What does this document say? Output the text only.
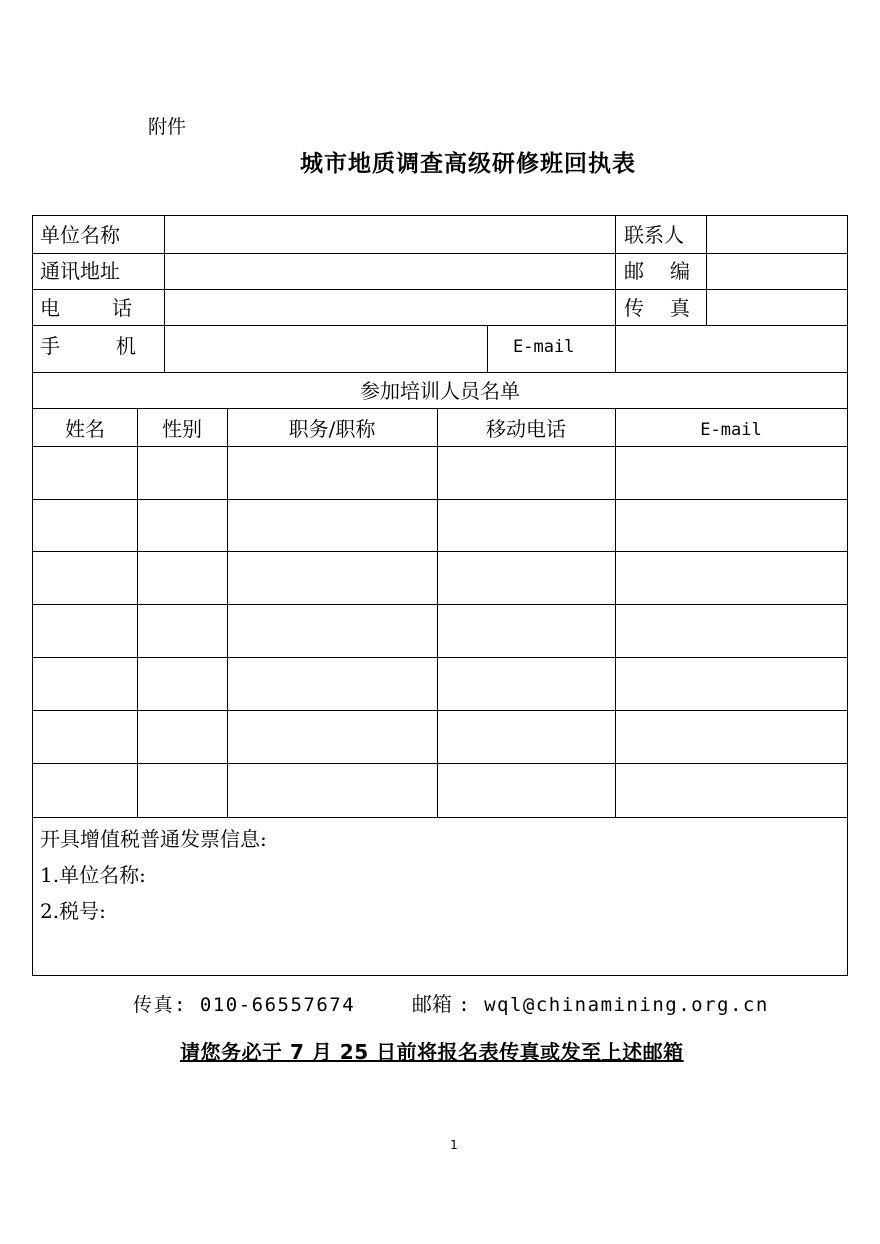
附件
城市地质调查高级研修班回执表
单位名称	联系人
通讯地址	邮　编
电　话	传　真
手　机	E-mail
参加培训人员名单
姓名	性别	职务/职称	移动电话	E-mail
开具增值税普通发票信息:
1.单位名称:
2.税号:
传真: 010-66557674	邮箱 : wql@chinamining.org.cn
请您务必于 7 月 25 日前将报名表传真或发至上述邮箱
1
